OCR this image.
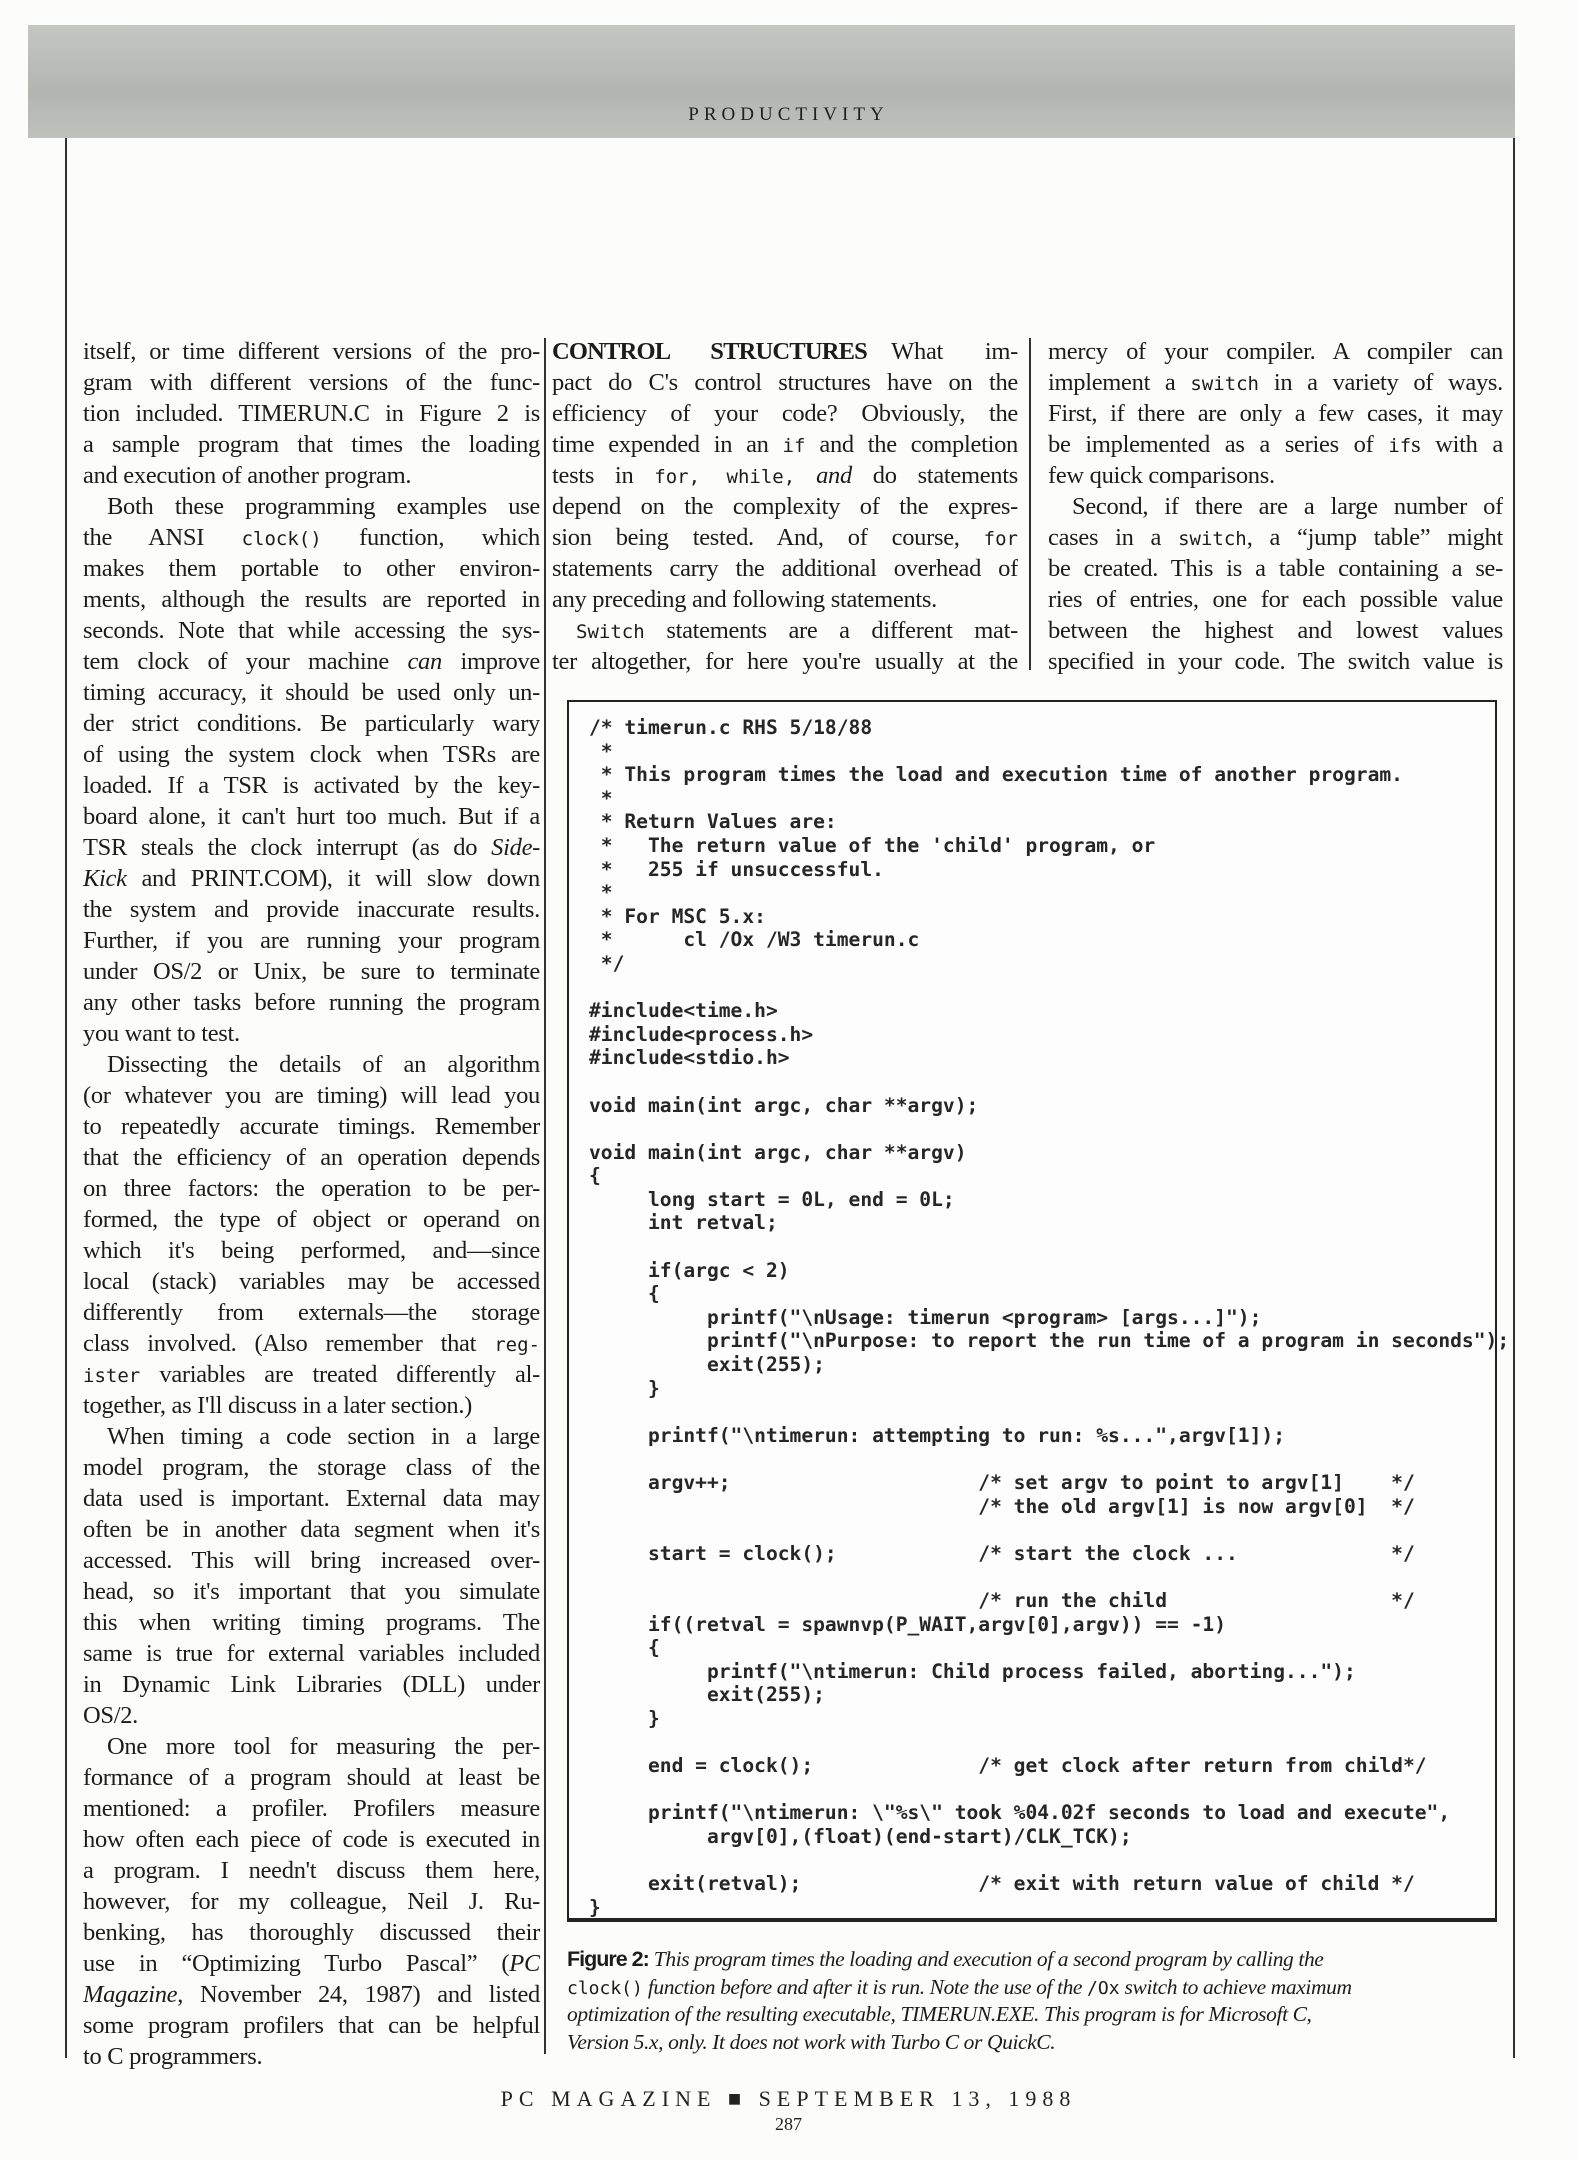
PRODUCTIVITY
itself, or time different versions of the pro-
gram with different versions of the func-
tion included. TIMERUN.C in Figure 2 is
a sample program that times the loading
and execution of another program.
Both these programming examples use
the ANSI clock() function, which
makes them portable to other environ-
ments, although the results are reported in
seconds. Note that while accessing the sys-
tem clock of your machine can improve
timing accuracy, it should be used only un-
der strict conditions. Be particularly wary
of using the system clock when TSRs are
loaded. If a TSR is activated by the key-
board alone, it can't hurt too much. But if a
TSR steals the clock interrupt (as do Side-
Kick and PRINT.COM), it will slow down
the system and provide inaccurate results.
Further, if you are running your program
under OS/2 or Unix, be sure to terminate
any other tasks before running the program
you want to test.
Dissecting the details of an algorithm
(or whatever you are timing) will lead you
to repeatedly accurate timings. Remember
that the efficiency of an operation depends
on three factors: the operation to be per-
formed, the type of object or operand on
which it's being performed, and—since
local (stack) variables may be accessed
differently from externals—the storage
class involved. (Also remember that reg-
ister variables are treated differently al-
together, as I'll discuss in a later section.)
When timing a code section in a large
model program, the storage class of the
data used is important. External data may
often be in another data segment when it's
accessed. This will bring increased over-
head, so it's important that you simulate
this when writing timing programs. The
same is true for external variables included
in Dynamic Link Libraries (DLL) under
OS/2.
One more tool for measuring the per-
formance of a program should at least be
mentioned: a profiler. Profilers measure
how often each piece of code is executed in
a program. I needn't discuss them here,
however, for my colleague, Neil J. Ru-
benking, has thoroughly discussed their
use in “Optimizing Turbo Pascal” (PC
Magazine, November 24, 1987) and listed
some program profilers that can be helpful
to C programmers.
CONTROL STRUCTURES What im-
pact do C's control structures have on the
efficiency of your code? Obviously, the
time expended in an if and the completion
tests in for, while, and do statements
depend on the complexity of the expres-
sion being tested. And, of course, for
statements carry the additional overhead of
any preceding and following statements.
Switch statements are a different mat-
ter altogether, for here you're usually at the
mercy of your compiler. A compiler can
implement a switch in a variety of ways.
First, if there are only a few cases, it may
be implemented as a series of ifs with a
few quick comparisons.
Second, if there are a large number of
cases in a switch, a “jump table” might
be created. This is a table containing a se-
ries of entries, one for each possible value
between the highest and lowest values
specified in your code. The switch value is
/* timerun.c RHS 5/18/88
*
* This program times the load and execution time of another program.
*
* Return Values are:
*   The return value of the 'child' program, or
*   255 if unsuccessful.
*
* For MSC 5.x:
*      cl /Ox /W3 timerun.c
*/
#include<time.h>
#include<process.h>
#include<stdio.h>
void main(int argc, char **argv);
void main(int argc, char **argv)
{
long start = 0L, end = 0L;
int retval;
if(argc < 2)
{
printf("\nUsage: timerun <program> [args...]");
printf("\nPurpose: to report the run time of a program in seconds");
exit(255);
}
printf("\ntimerun: attempting to run: %s...",argv[1]);
argv++;                     /* set argv to point to argv[1]    */
/* the old argv[1] is now argv[0]  */
start = clock();            /* start the clock ...             */
/* run the child                   */
if((retval = spawnvp(P_WAIT,argv[0],argv)) == -1)
{
printf("\ntimerun: Child process failed, aborting...");
exit(255);
}
end = clock();              /* get clock after return from child*/
printf("\ntimerun: \"%s\" took %04.02f seconds to load and execute",
argv[0],(float)(end-start)/CLK_TCK);
exit(retval);               /* exit with return value of child */
}
Figure 2: This program times the loading and execution of a second program by calling the
clock() function before and after it is run. Note the use of the /Ox switch to achieve maximum
optimization of the resulting executable, TIMERUN.EXE. This program is for Microsoft C,
Version 5.x, only. It does not work with Turbo C or QuickC.
PC MAGAZINE ■ SEPTEMBER 13, 1988
287
